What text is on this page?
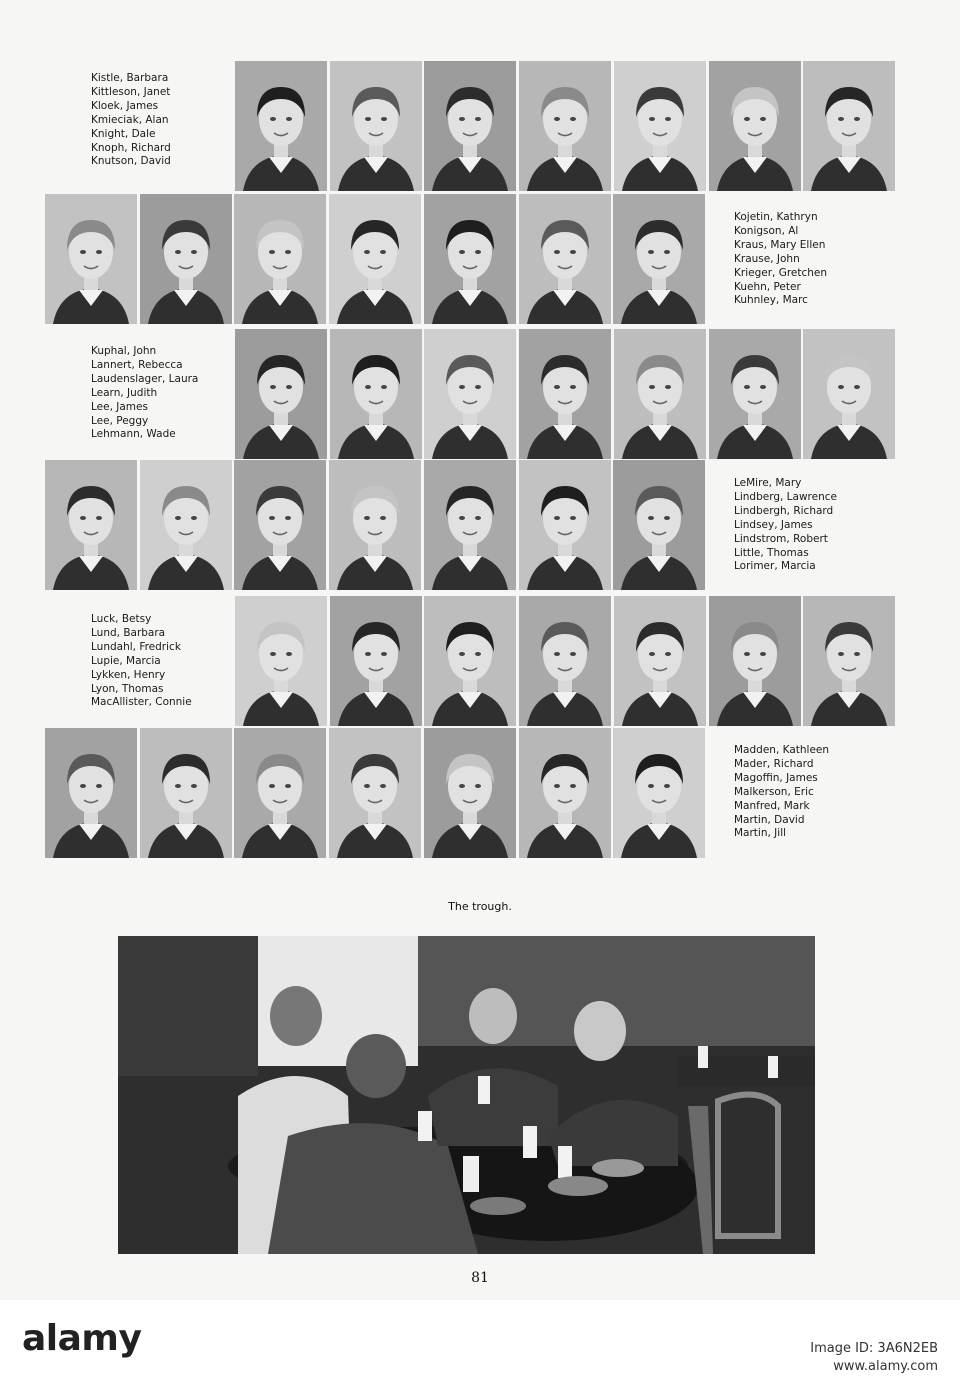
Kistle, Barbara
Kittleson, Janet
Kloek, James
Kmieciak, Alan
Knight, Dale
Knoph, Richard
Knutson, David
Kojetin, Kathryn
Konigson, Al
Kraus, Mary Ellen
Krause, John
Krieger, Gretchen
Kuehn, Peter
Kuhnley, Marc
Kuphal, John
Lannert, Rebecca
Laudenslager, Laura
Learn, Judith
Lee, James
Lee, Peggy
Lehmann, Wade
LeMire, Mary
Lindberg, Lawrence
Lindbergh, Richard
Lindsey, James
Lindstrom, Robert
Little, Thomas
Lorimer, Marcia
Luck, Betsy
Lund, Barbara
Lundahl, Fredrick
Lupie, Marcia
Lykken, Henry
Lyon, Thomas
MacAllister, Connie
Madden, Kathleen
Mader, Richard
Magoffin, James
Malkerson, Eric
Manfred, Mark
Martin, David
Martin, Jill
The trough.
81
alamy	Image ID: 3A6N2EB
www.alamy.com
